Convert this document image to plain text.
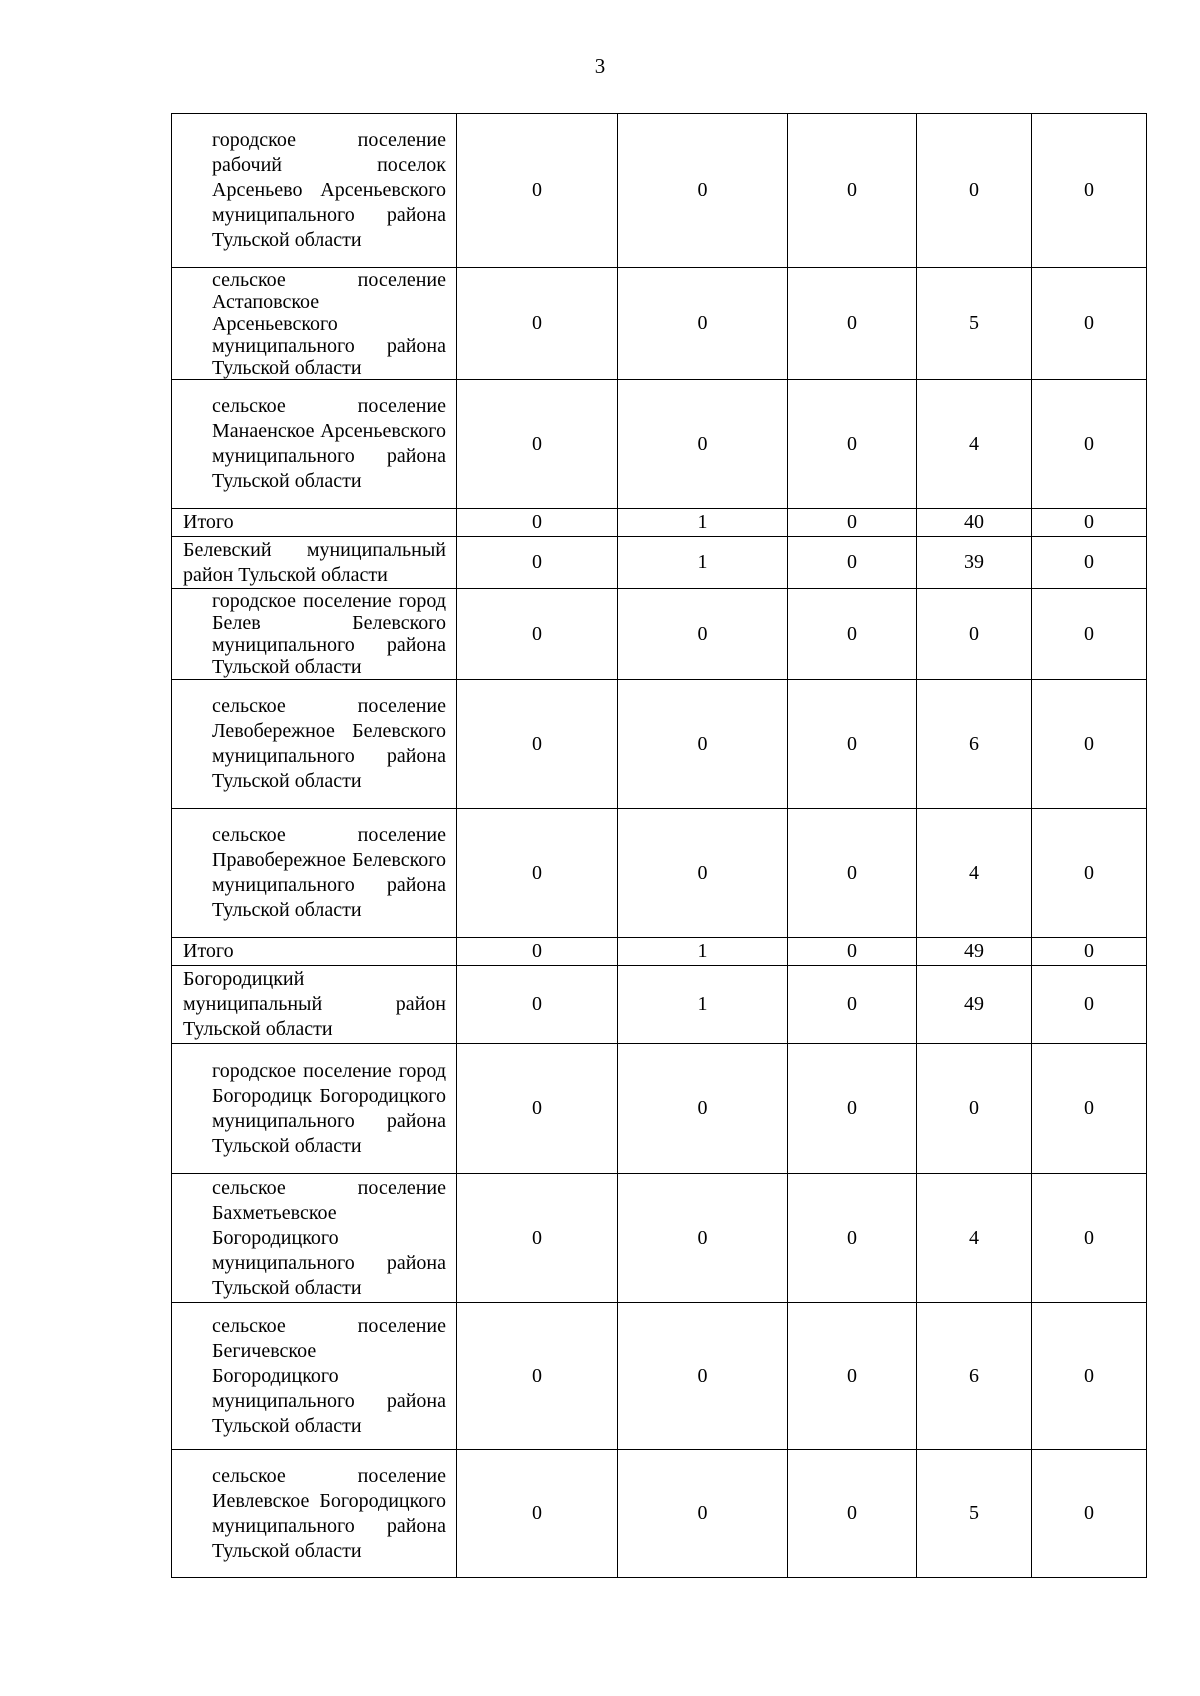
3
городское поселение рабочий поселок Арсеньево Арсеньевского муниципального района Тульской области	0	0	0	0	0
сельское поселение Астаповское Арсеньевского муниципального района Тульской области	0	0	0	5	0
сельское поселение Манаенское Арсеньевского муниципального района Тульской области	0	0	0	4	0
Итого	0	1	0	40	0
Белевский муниципальный район Тульской области	0	1	0	39	0
городское поселение город Белев Белевского муниципального района Тульской области	0	0	0	0	0
сельское поселение Левобережное Белевского муниципального района Тульской области	0	0	0	6	0
сельское поселение Правобережное Белевского муниципального района Тульской области	0	0	0	4	0
Итого	0	1	0	49	0
Богородицкий муниципальный район Тульской области	0	1	0	49	0
городское поселение город Богородицк Богородицкого муниципального района Тульской области	0	0	0	0	0
сельское поселение Бахметьевское Богородицкого муниципального района Тульской области	0	0	0	4	0
сельское поселение Бегичевское Богородицкого муниципального района Тульской области	0	0	0	6	0
сельское поселение Иевлевское Богородицкого муниципального района Тульской области	0	0	0	5	0
